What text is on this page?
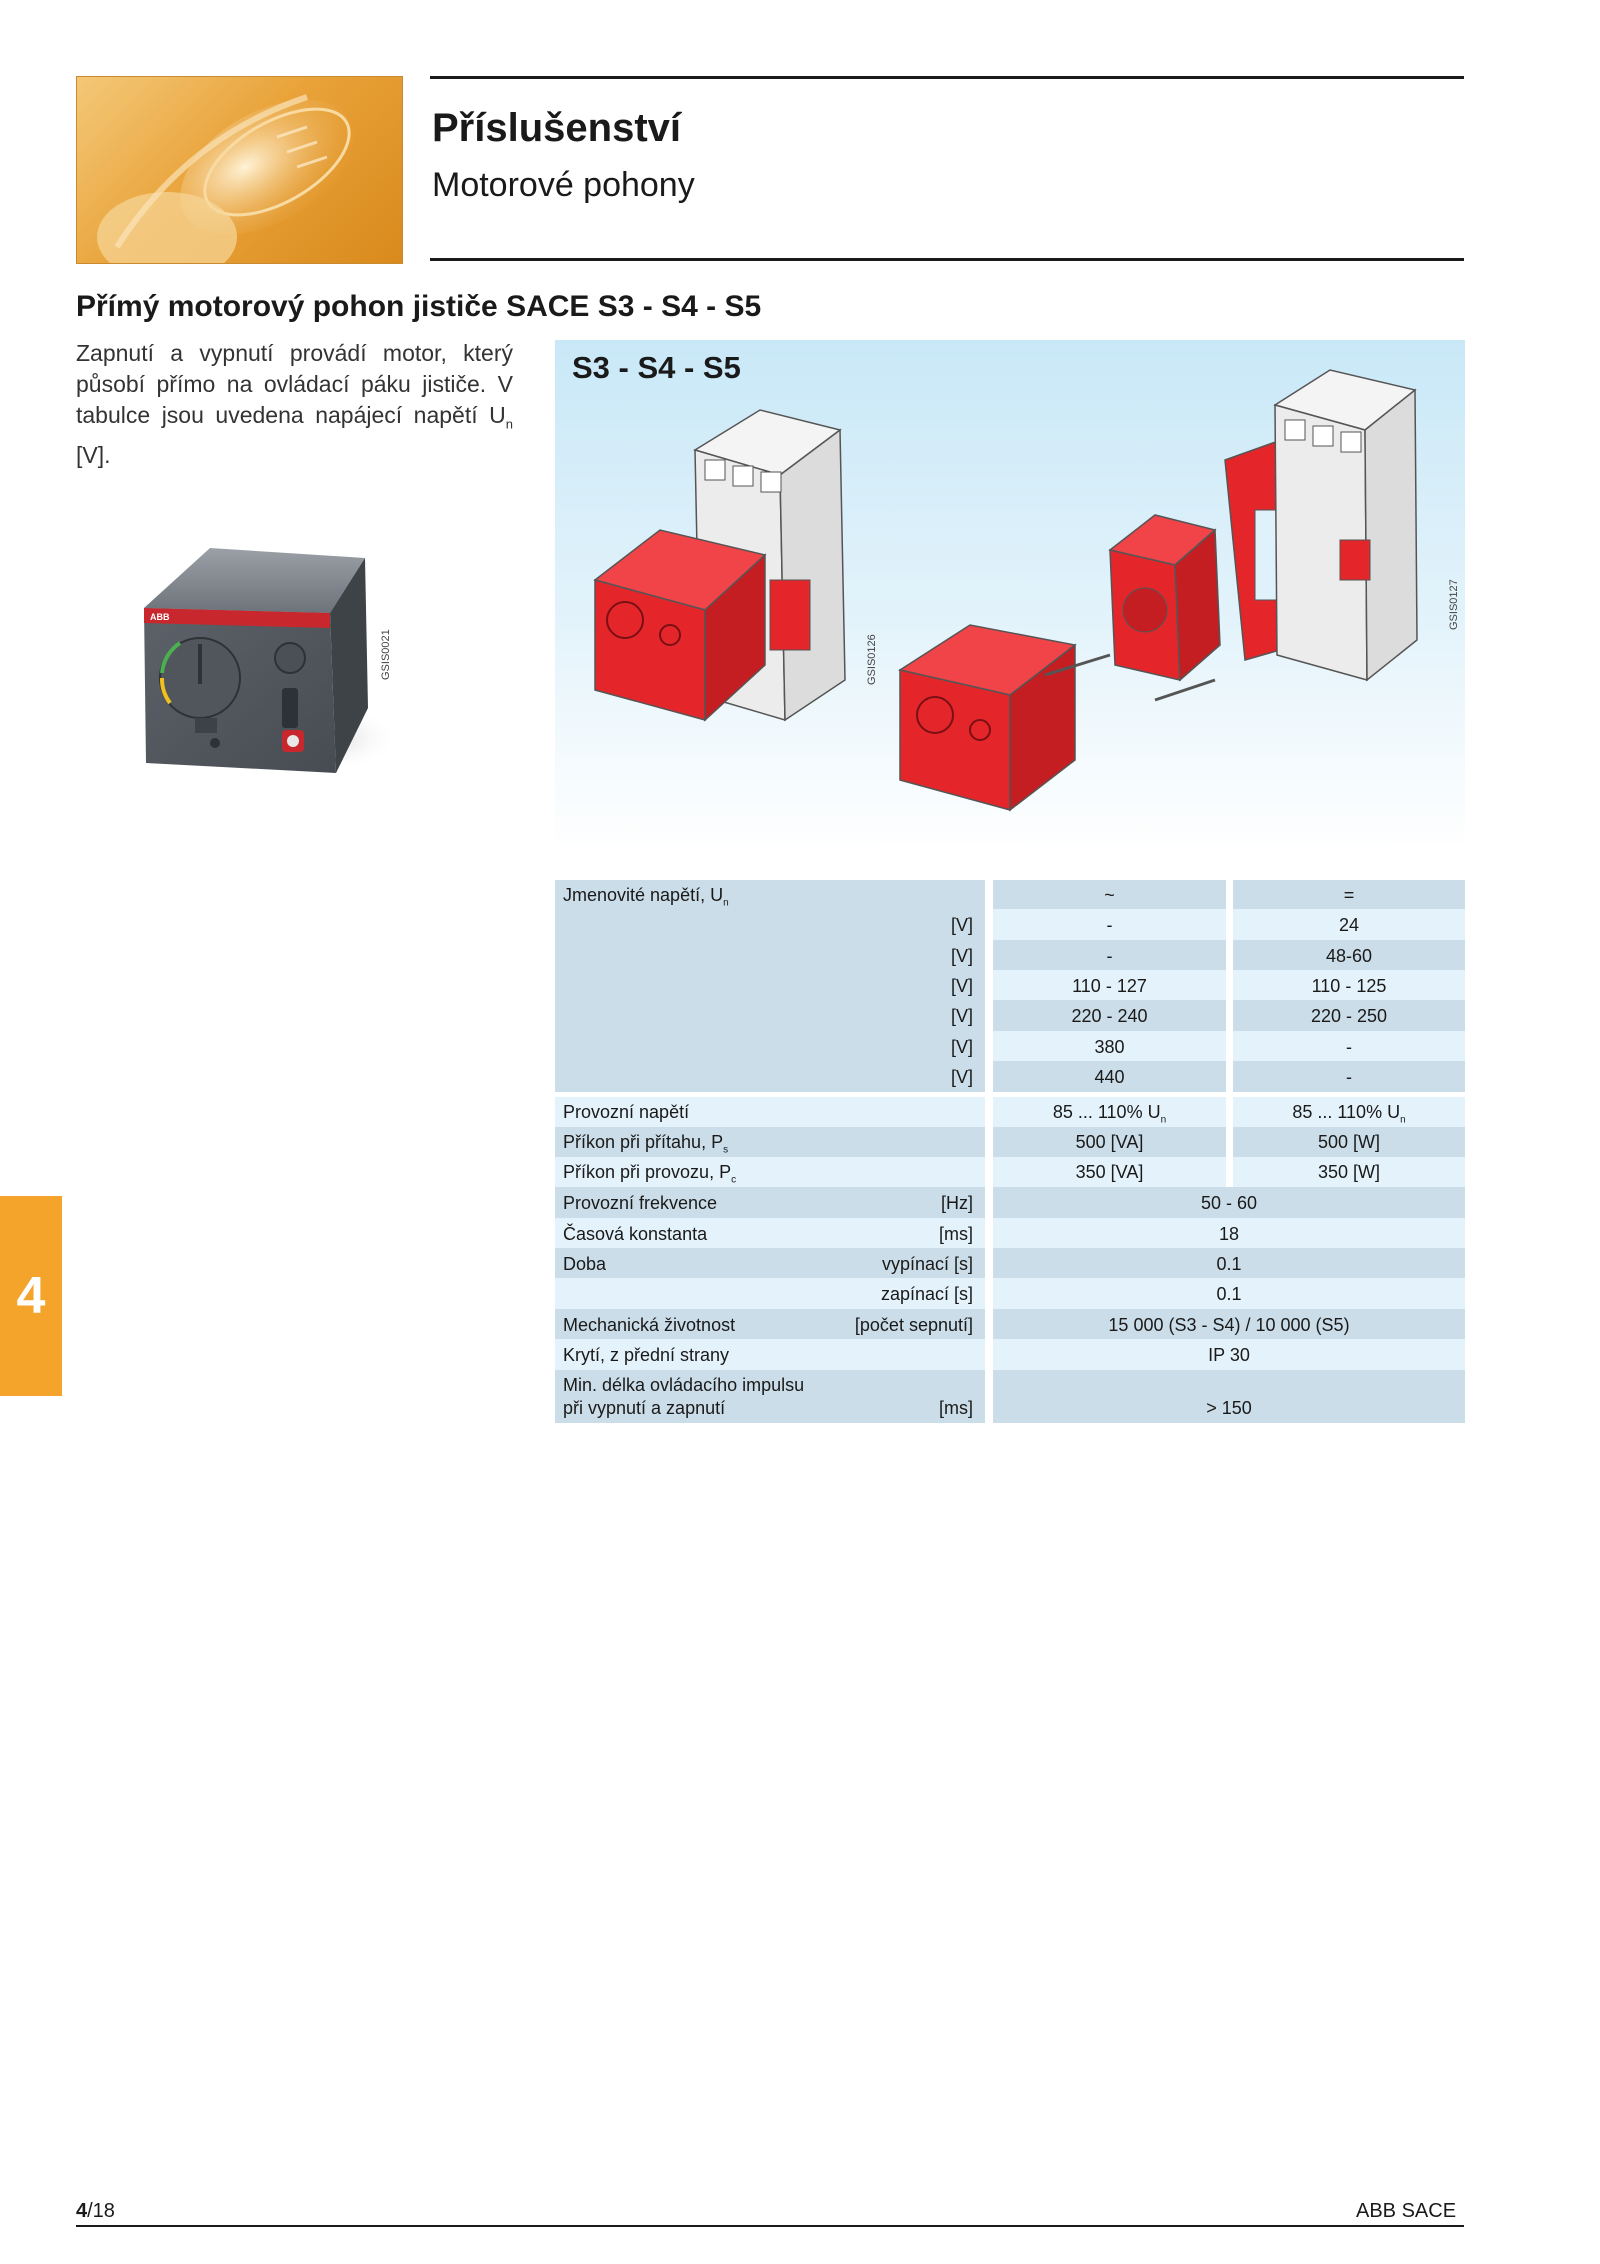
Příslušenství
Motorové pohony
Přímý motorový pohon jističe SACE S3 - S4 - S5
Zapnutí a vypnutí provádí motor, který působí přímo na ovládací páku jističe. V tabulce jsou uvedena napájecí napětí $U_n$ [V].
ABB
GSIS0021
S3 - S4 - S5
GSIS0126
GSIS0127
4
Jmenovité napětí, $U_n$	~	=
[V]	-	24
[V]	-	48-60
[V]	110 - 127	110 - 125
[V]	220 - 240	220 - 250
[V]	380	-
[V]	440	-
Provozní napětí	85 ... 110% $U_n$	85 ... 110% $U_n$
Příkon při přítahu, $P_s$	500 [VA]	500 [W]
Příkon při provozu, $P_c$	350 [VA]	350 [W]
Provozní frekvence	[Hz]	50 - 60
Časová konstanta	[ms]	18
Doba	vypínací [s]	0.1
zapínací [s]	0.1
Mechanická životnost	[počet sepnutí]	15 000 (S3 - S4) / 10 000 (S5)
Krytí, z přední strany	IP 30
Min. délka ovládacího impulsu
při vypnutí a zapnutí	[ms]	> 150
4/18	ABB SACE
